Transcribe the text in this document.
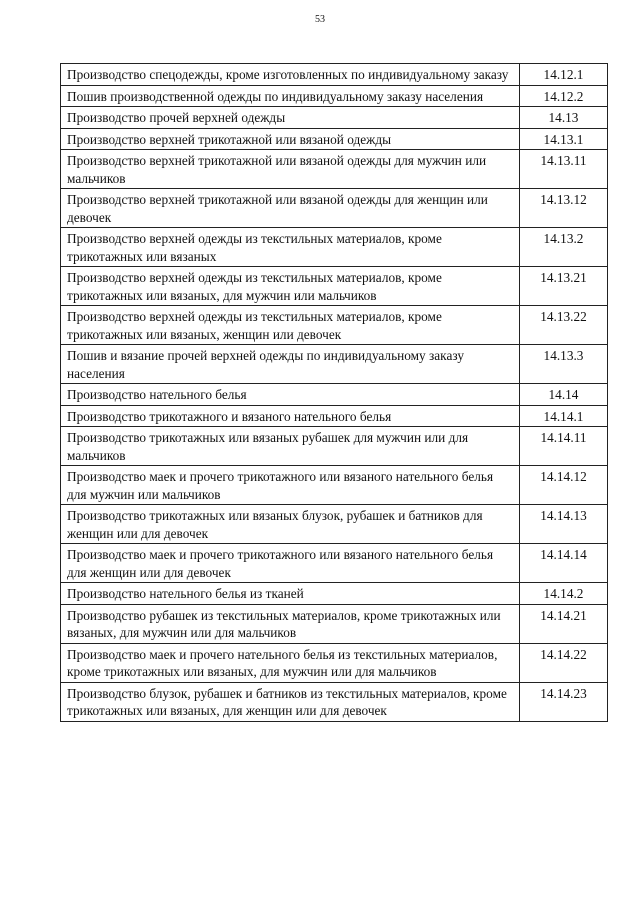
53
Производство спецодежды, кроме изготовленных по индивидуальному заказу	14.12.1
Пошив производственной одежды по индивидуальному заказу населения	14.12.2
Производство прочей верхней одежды	14.13
Производство верхней трикотажной или вязаной одежды	14.13.1
Производство верхней трикотажной или вязаной одежды для мужчин или мальчиков	14.13.11
Производство верхней трикотажной или вязаной одежды для женщин или девочек	14.13.12
Производство верхней одежды из текстильных материалов, кроме трикотажных или вязаных	14.13.2
Производство верхней одежды из текстильных материалов, кроме трикотажных или вязаных, для мужчин или мальчиков	14.13.21
Производство верхней одежды из текстильных материалов, кроме трикотажных или вязаных, женщин или девочек	14.13.22
Пошив и вязание прочей верхней одежды по индивидуальному заказу населения	14.13.3
Производство нательного белья	14.14
Производство трикотажного и вязаного нательного белья	14.14.1
Производство трикотажных или вязаных рубашек для мужчин или для мальчиков	14.14.11
Производство маек и прочего трикотажного или вязаного нательного белья для мужчин или мальчиков	14.14.12
Производство трикотажных или вязаных блузок, рубашек и батников для женщин или для девочек	14.14.13
Производство маек и прочего трикотажного или вязаного нательного белья для женщин или для девочек	14.14.14
Производство нательного белья из тканей	14.14.2
Производство рубашек из текстильных материалов, кроме трикотажных или вязаных, для мужчин или для мальчиков	14.14.21
Производство маек и прочего нательного белья из текстильных материалов, кроме трикотажных или вязаных, для мужчин или для мальчиков	14.14.22
Производство блузок, рубашек и батников из текстильных материалов, кроме трикотажных или вязаных, для женщин или для девочек	14.14.23
